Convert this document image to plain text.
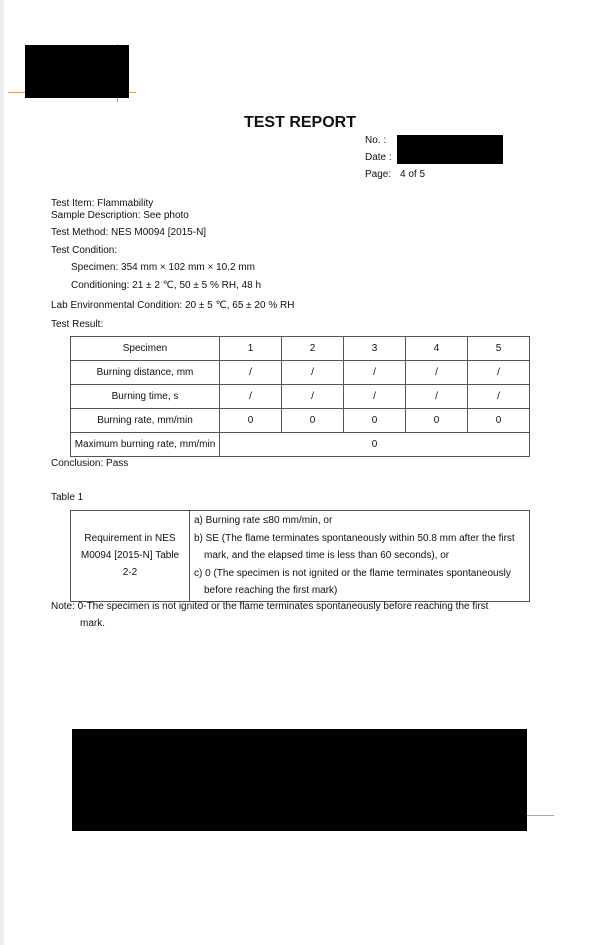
TEST REPORT
No. :
Date :
Page: 4 of 5
Test Item: Flammability
Sample Description: See photo
Test Method: NES M0094 [2015-N]
Test Condition:
Specimen: 354 mm × 102 mm × 10.2 mm
Conditioning: 21 ± 2 ℃, 50 ± 5 % RH, 48 h
Lab Environmental Condition: 20 ± 5 ℃, 65 ± 20 % RH
Test Result:
Specimen	1	2	3	4	5
Burning distance, mm	/	/	/	/	/
Burning time, s	/	/	/	/	/
Burning rate, mm/min	0	0	0	0	0
Maximum burning rate, mm/min	0				
Conclusion: Pass
Table 1
Requirement in NES
M0094 [2015-N] Table
2-2

a) Burning rate ≤80 mm/min, or
b) SE (The flame terminates spontaneously within 50.8 mm after the first
mark, and the elapsed time is less than 60 seconds), or
c) 0 (The specimen is not ignited or the flame terminates spontaneously
before reaching the first mark)
Note: 0-The specimen is not ignited or the flame terminates spontaneously before reaching the first
mark.
